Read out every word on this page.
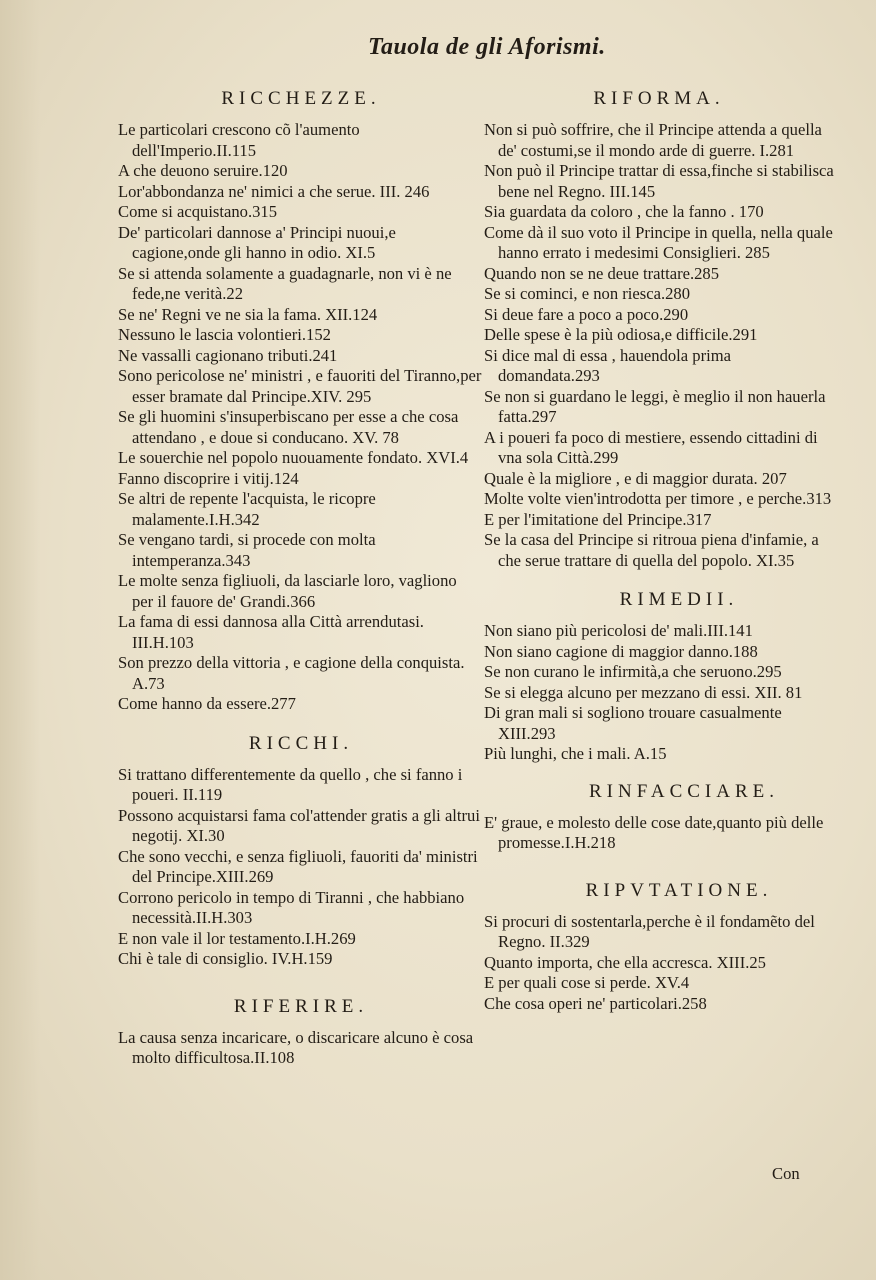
Tauola de gli Aforismi.
RICCHEZZE.

Le particolari crescono cõ l'aumento dell'Imperio.II.115

A che deuono seruire.120

Lor'abbondanza ne' nimici a che serue. III. 246

Come si acquistano.315

De' particolari dannose a' Principi nuoui,e cagione,onde gli hanno in odio. XI.5

Se si attenda solamente a guadagnarle, non vi è ne fede,ne verità.22

Se ne' Regni ve ne sia la fama. XII.124

Nessuno le lascia volontieri.152

Ne vassalli cagionano tributi.241

Sono pericolose ne' ministri , e fauoriti del Tiranno,per esser bramate dal Principe.XIV. 295

Se gli huomini s'insuperbiscano per esse a che cosa attendano , e doue si conducano. XV. 78

Le souerchie nel popolo nuouamente fondato. XVI.4

Fanno discoprire i vitij.124

Se altri de repente l'acquista, le ricopre malamente.I.H.342

Se vengano tardi, si procede con molta intemperanza.343

Le molte senza figliuoli, da lasciarle loro, vagliono per il fauore de' Grandi.366

La fama di essi dannosa alla Città arrendutasi. III.H.103

Son prezzo della vittoria , e cagione della conquista. A.73

Come hanno da essere.277

RICCHI.

Si trattano differentemente da quello , che si fanno i poueri. II.119

Possono acquistarsi fama col'attender gratis a gli altrui negotij. XI.30

Che sono vecchi, e senza figliuoli, fauoriti da' ministri del Principe.XIII.269

Corrono pericolo in tempo di Tiranni , che habbiano necessità.II.H.303

E non vale il lor testamento.I.H.269

Chi è tale di consiglio. IV.H.159

RIFERIRE.

La causa senza incaricare, o discaricare alcuno è cosa molto difficultosa.II.108

RIFORMA.

Non si può soffrire, che il Principe attenda a quella de' costumi,se il mondo arde di guerre. I.281

Non può il Principe trattar di essa,finche si stabilisca bene nel Regno. III.145

Sia guardata da coloro , che la fanno . 170

Come dà il suo voto il Principe in quella, nella quale hanno errato i medesimi Consiglieri. 285

Quando non se ne deue trattare.285

Se si cominci, e non riesca.280

Si deue fare a poco a poco.290

Delle spese è la più odiosa,e difficile.291

Si dice mal di essa , hauendola prima domandata.293

Se non si guardano le leggi, è meglio il non hauerla fatta.297

A i poueri fa poco di mestiere, essendo cittadini di vna sola Città.299

Quale è la migliore , e di maggior durata. 207

Molte volte vien'introdotta per timore , e perche.313

E per l'imitatione del Principe.317

Se la casa del Principe si ritroua piena d'infamie, a che serue trattare di quella del popolo. XI.35

RIMEDII.

Non siano più pericolosi de' mali.III.141

Non siano cagione di maggior danno.188

Se non curano le infirmità,a che seruono.295

Se si elegga alcuno per mezzano di essi. XII. 81

Di gran mali si sogliono trouare casualmente XIII.293

Più lunghi, che i mali. A.15

RINFACCIARE.

E' graue, e molesto delle cose date,quanto più delle promesse.I.H.218

RIPVTATIONE.

Si procuri di sostentarla,perche è il fondamẽto del Regno. II.329

Quanto importa, che ella accresca. XIII.25

E per quali cose si perde. XV.4

Che cosa operi ne' particolari.258

Con
